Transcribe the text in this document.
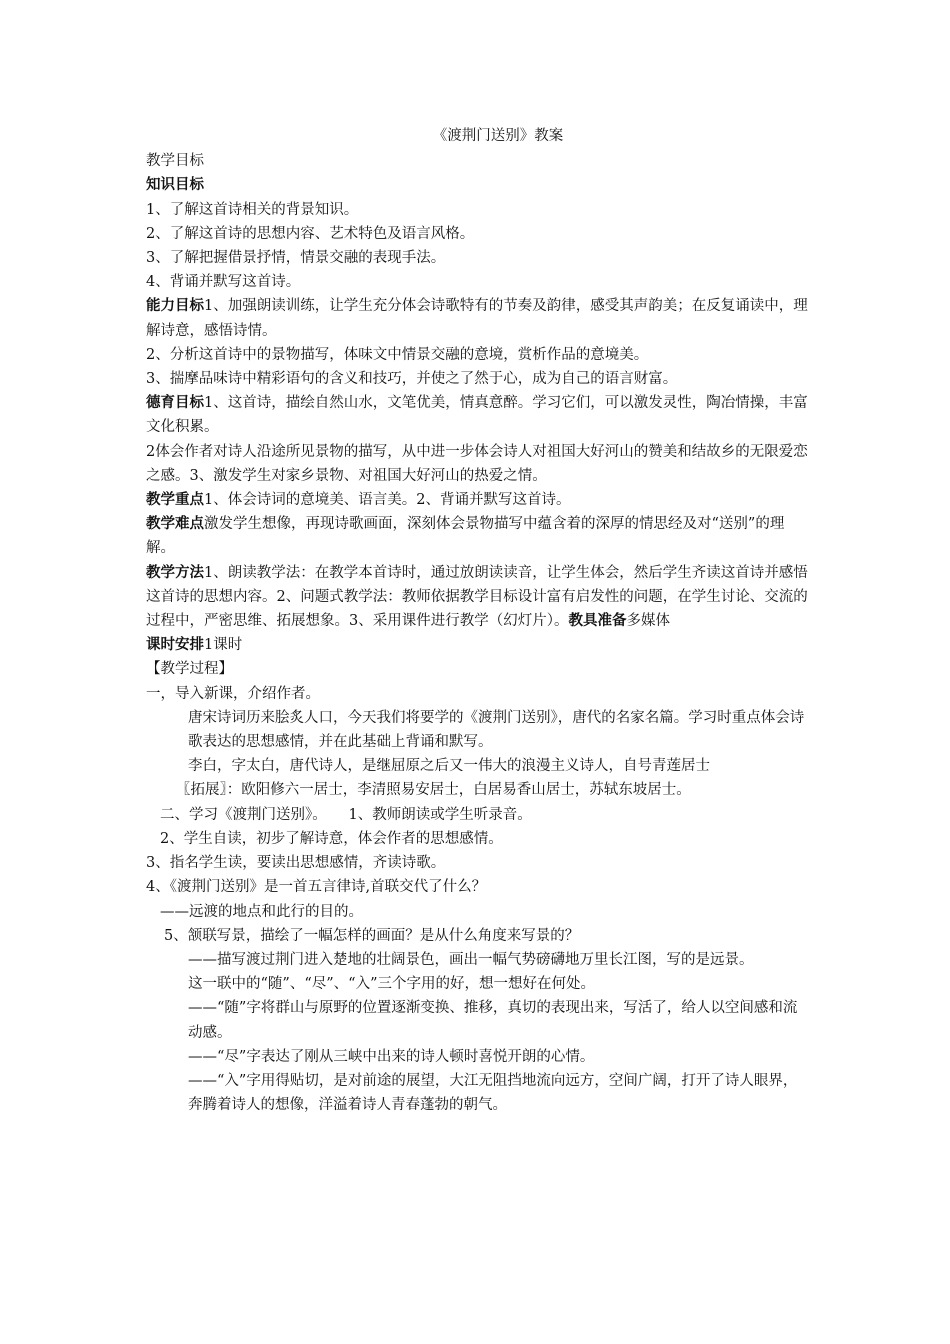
《渡荆门送别》教案

教学目标

知识目标

1、了解这首诗相关的背景知识。

2、了解这首诗的思想内容、艺术特色及语言风格。

3、了解把握借景抒情，情景交融的表现手法。

4、背诵并默写这首诗。

能力目标1、加强朗读训练，让学生充分体会诗歌特有的节奏及韵律，感受其声韵美；在反复诵读中，理解诗意，感悟诗情。

2、分析这首诗中的景物描写，体味文中情景交融的意境，赏析作品的意境美。

3、揣摩品味诗中精彩语句的含义和技巧，并使之了然于心，成为自己的语言财富。

德育目标1、这首诗，描绘自然山水，文笔优美，情真意醉。学习它们，可以激发灵性，陶冶情操，丰富文化积累。

2体会作者对诗人沿途所见景物的描写，从中进一步体会诗人对祖国大好河山的赞美和结故乡的无限爱恋之感。3、激发学生对家乡景物、对祖国大好河山的热爱之情。

教学重点1、体会诗词的意境美、语言美。2、背诵并默写这首诗。

教学难点激发学生想像，再现诗歌画面，深刻体会景物描写中蕴含着的深厚的情思经及对“送别”的理解。

教学方法1、朗读教学法：在教学本首诗时，通过放朗读读音，让学生体会，然后学生齐读这首诗并感悟这首诗的思想内容。2、问题式教学法：教师依据教学目标设计富有启发性的问题，在学生讨论、交流的过程中，严密思维、拓展想象。3、采用课件进行教学（幻灯片）。教具准备多媒体

课时安排1课时

【教学过程】

一，导入新课，介绍作者。

唐宋诗词历来脍炙人口，今天我们将要学的《渡荆门送别》，唐代的名家名篇。学习时重点体会诗歌表达的思想感情，并在此基础上背诵和默写。

李白，字太白，唐代诗人，是继屈原之后又一伟大的浪漫主义诗人，自号青莲居士

〖拓展〗：欧阳修六一居士，李清照易安居士，白居易香山居士，苏轼东坡居士。

二、学习《渡荆门送别》。　　1、教师朗读或学生听录音。

2、学生自读，初步了解诗意，体会作者的思想感情。

3、指名学生读，要读出思想感情，齐读诗歌。

4、《渡荆门送别》是一首五言律诗,首联交代了什么？

——远渡的地点和此行的目的。

5、颔联写景，描绘了一幅怎样的画面？是从什么角度来写景的？

——描写渡过荆门进入楚地的壮阔景色，画出一幅气势磅礴地万里长江图，写的是远景。

这一联中的“随”、“尽”、“入”三个字用的好，想一想好在何处。

——“随”字将群山与原野的位置逐渐变换、推移，真切的表现出来，写活了，给人以空间感和流动感。

——“尽”字表达了刚从三峡中出来的诗人顿时喜悦开朗的心情。

——“入”字用得贴切，是对前途的展望，大江无阻挡地流向远方，空间广阔，打开了诗人眼界，奔腾着诗人的想像，洋溢着诗人青春蓬勃的朝气。
